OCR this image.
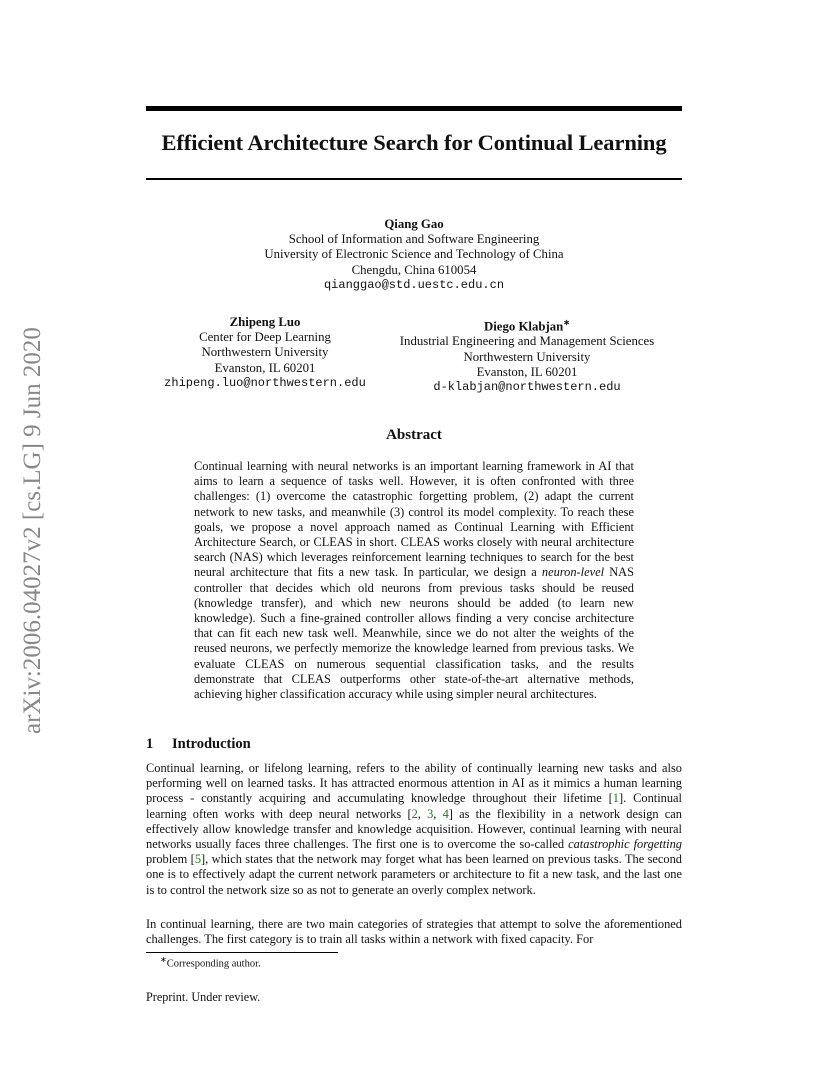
arXiv:2006.04027v2 [cs.LG] 9 Jun 2020
Efficient Architecture Search for Continual Learning
Qiang Gao
School of Information and Software Engineering
University of Electronic Science and Technology of China
Chengdu, China 610054
qianggao@std.uestc.edu.cn
Zhipeng Luo
Center for Deep Learning
Northwestern University
Evanston, IL 60201
zhipeng.luo@northwestern.edu
Diego Klabjan∗
Industrial Engineering and Management Sciences
Northwestern University
Evanston, IL 60201
d-klabjan@northwestern.edu
Abstract
Continual learning with neural networks is an important learning framework in AI that aims to learn a sequence of tasks well. However, it is often confronted with three challenges: (1) overcome the catastrophic forgetting problem, (2) adapt the current network to new tasks, and meanwhile (3) control its model complexity. To reach these goals, we propose a novel approach named as Continual Learning with Efficient Architecture Search, or CLEAS in short. CLEAS works closely with neural architecture search (NAS) which leverages reinforcement learning techniques to search for the best neural architecture that fits a new task. In particular, we design a neuron-level NAS controller that decides which old neurons from previous tasks should be reused (knowledge transfer), and which new neurons should be added (to learn new knowledge). Such a fine-grained controller allows finding a very concise architecture that can fit each new task well. Meanwhile, since we do not alter the weights of the reused neurons, we perfectly memorize the knowledge learned from previous tasks. We evaluate CLEAS on numerous sequential classification tasks, and the results demonstrate that CLEAS outperforms other state-of-the-art alternative methods, achieving higher classification accuracy while using simpler neural architectures.
1 Introduction
Continual learning, or lifelong learning, refers to the ability of continually learning new tasks and also performing well on learned tasks. It has attracted enormous attention in AI as it mimics a human learning process - constantly acquiring and accumulating knowledge throughout their lifetime [1]. Continual learning often works with deep neural networks [2, 3, 4] as the flexibility in a network design can effectively allow knowledge transfer and knowledge acquisition. However, continual learning with neural networks usually faces three challenges. The first one is to overcome the so-called catastrophic forgetting problem [5], which states that the network may forget what has been learned on previous tasks. The second one is to effectively adapt the current network parameters or architecture to fit a new task, and the last one is to control the network size so as not to generate an overly complex network.
In continual learning, there are two main categories of strategies that attempt to solve the aforementioned challenges. The first category is to train all tasks within a network with fixed capacity. For
∗Corresponding author.
Preprint. Under review.
